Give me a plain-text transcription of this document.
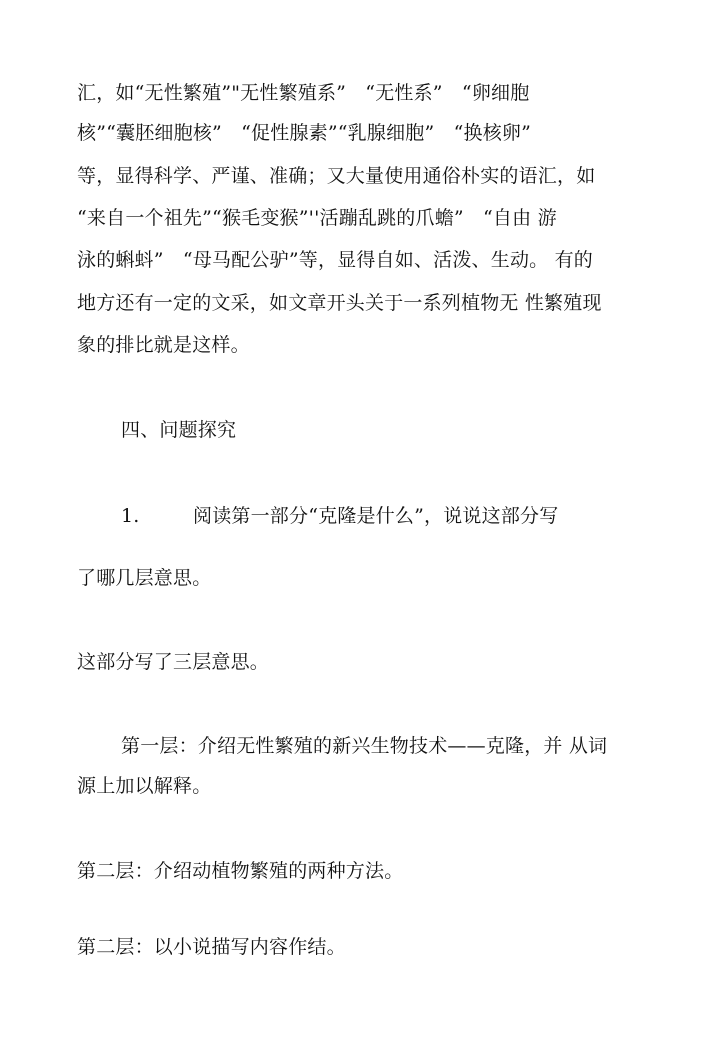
汇，如“无性繁殖”"无性繁殖系”　“无性系”　“卵细胞
核”“囊胚细胞核”　“促性腺素”“乳腺细胞”　“换核卵”
等，显得科学、严谨、准确；又大量使用通俗朴实的语汇，如
“来自一个祖先”“猴毛变猴”''活蹦乱跳的爪蟾”　“自由 游
泳的蝌蚪”　“母马配公驴”等，显得自如、活泼、生动。 有的
地方还有一定的文采，如文章开头关于一系列植物无 性繁殖现
象的排比就是这样。
四、问题探究
1.	阅读第一部分“克隆是什么”，说说这部分写
了哪几层意思。
这部分写了三层意思。
第一层：介绍无性繁殖的新兴生物技术——克隆，并 从词
源上加以解释。
第二层：介绍动植物繁殖的两种方法。
第二层：以小说描写内容作结。
